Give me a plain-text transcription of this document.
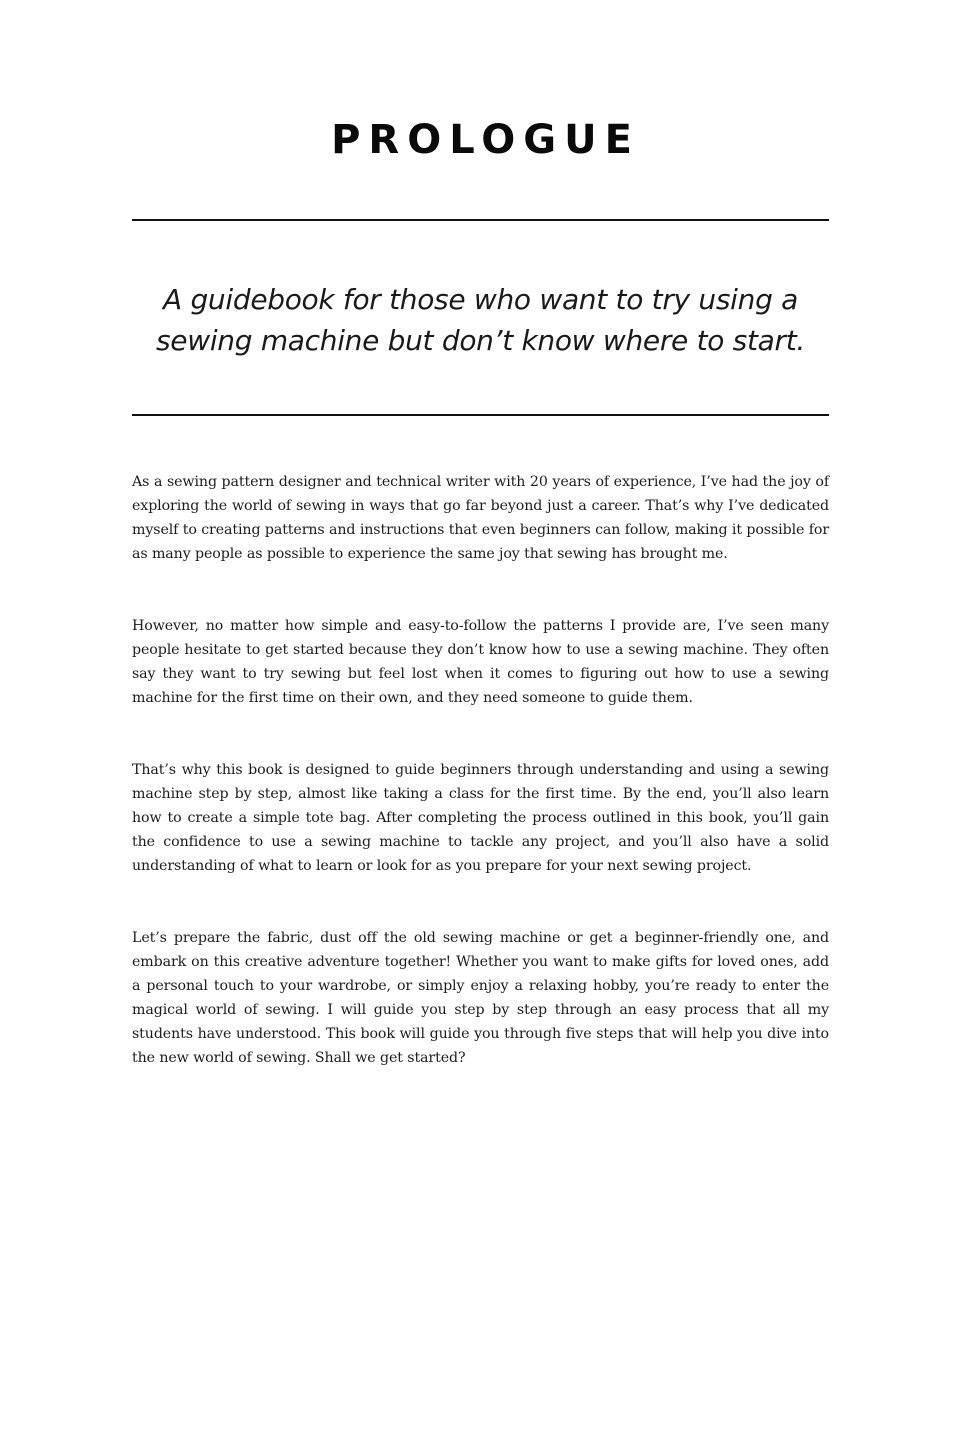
PROLOGUE

A guidebook for those who want to try using a sewing machine but don’t know where to start.

As a sewing pattern designer and technical writer with 20 years of experience, I’ve had the joy of exploring the world of sewing in ways that go far beyond just a career. That’s why I’ve dedicated myself to creating patterns and instructions that even beginners can follow, making it possible for as many people as possible to experience the same joy that sewing has brought me.

However, no matter how simple and easy-to-follow the patterns I provide are, I’ve seen many people hesitate to get started because they don’t know how to use a sewing machine. They often say they want to try sewing but feel lost when it comes to figuring out how to use a sewing machine for the first time on their own, and they need someone to guide them.

That’s why this book is designed to guide beginners through understanding and using a sewing machine step by step, almost like taking a class for the first time. By the end, you’ll also learn how to create a simple tote bag. After completing the process outlined in this book, you’ll gain the confidence to use a sewing machine to tackle any project, and you’ll also have a solid understanding of what to learn or look for as you prepare for your next sewing project.

Let’s prepare the fabric, dust off the old sewing machine or get a beginner-friendly one, and embark on this creative adventure together! Whether you want to make gifts for loved ones, add a personal touch to your wardrobe, or simply enjoy a relaxing hobby, you’re ready to enter the magical world of sewing. I will guide you step by step through an easy process that all my students have understood. This book will guide you through five steps that will help you dive into the new world of sewing. Shall we get started?
